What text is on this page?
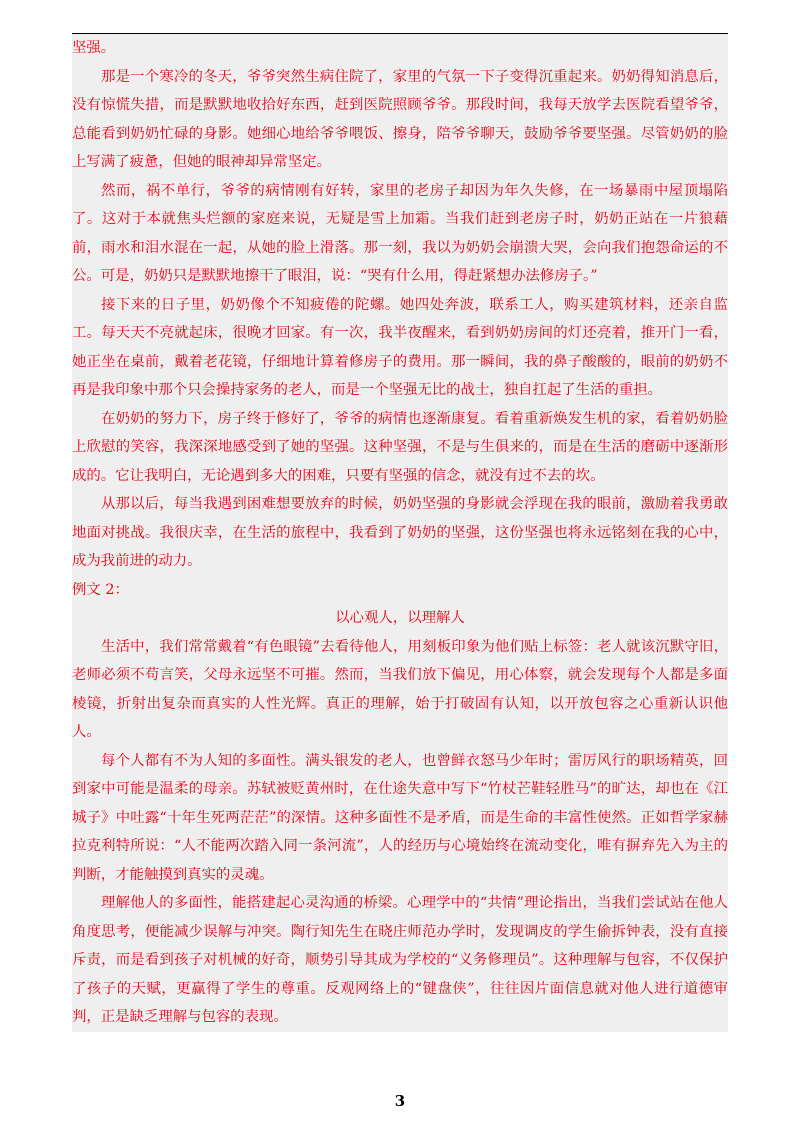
坚强。

那是一个寒冷的冬天，爷爷突然生病住院了，家里的气氛一下子变得沉重起来。奶奶得知消息后，没有惊慌失措，而是默默地收拾好东西，赶到医院照顾爷爷。那段时间，我每天放学去医院看望爷爷，总能看到奶奶忙碌的身影。她细心地给爷爷喂饭、擦身，陪爷爷聊天，鼓励爷爷要坚强。尽管奶奶的脸上写满了疲惫，但她的眼神却异常坚定。

然而，祸不单行，爷爷的病情刚有好转，家里的老房子却因为年久失修，在一场暴雨中屋顶塌陷了。这对于本就焦头烂额的家庭来说，无疑是雪上加霜。当我们赶到老房子时，奶奶正站在一片狼藉前，雨水和泪水混在一起，从她的脸上滑落。那一刻，我以为奶奶会崩溃大哭，会向我们抱怨命运的不公。可是，奶奶只是默默地擦干了眼泪，说：“哭有什么用，得赶紧想办法修房子。”

接下来的日子里，奶奶像个不知疲倦的陀螺。她四处奔波，联系工人，购买建筑材料，还亲自监工。每天天不亮就起床，很晚才回家。有一次，我半夜醒来，看到奶奶房间的灯还亮着，推开门一看，她正坐在桌前，戴着老花镜，仔细地计算着修房子的费用。那一瞬间，我的鼻子酸酸的，眼前的奶奶不再是我印象中那个只会操持家务的老人，而是一个坚强无比的战士，独自扛起了生活的重担。

在奶奶的努力下，房子终于修好了，爷爷的病情也逐渐康复。看着重新焕发生机的家，看着奶奶脸上欣慰的笑容，我深深地感受到了她的坚强。这种坚强，不是与生俱来的，而是在生活的磨砺中逐渐形成的。它让我明白，无论遇到多大的困难，只要有坚强的信念，就没有过不去的坎。

从那以后，每当我遇到困难想要放弃的时候，奶奶坚强的身影就会浮现在我的眼前，激励着我勇敢地面对挑战。我很庆幸，在生活的旅程中，我看到了奶奶的坚强，这份坚强也将永远铭刻在我的心中，成为我前进的动力。

例文 2：

以心观人，以理解人

生活中，我们常常戴着“有色眼镜”去看待他人，用刻板印象为他们贴上标签：老人就该沉默守旧，老师必须不苟言笑，父母永远坚不可摧。然而，当我们放下偏见，用心体察，就会发现每个人都是多面棱镜，折射出复杂而真实的人性光辉。真正的理解，始于打破固有认知，以开放包容之心重新认识他人。

每个人都有不为人知的多面性。满头银发的老人，也曾鲜衣怒马少年时；雷厉风行的职场精英，回到家中可能是温柔的母亲。苏轼被贬黄州时，在仕途失意中写下“竹杖芒鞋轻胜马”的旷达，却也在《江城子》中吐露“十年生死两茫茫”的深情。这种多面性不是矛盾，而是生命的丰富性使然。正如哲学家赫拉克利特所说：“人不能两次踏入同一条河流”，人的经历与心境始终在流动变化，唯有摒弃先入为主的判断，才能触摸到真实的灵魂。

理解他人的多面性，能搭建起心灵沟通的桥梁。心理学中的“共情”理论指出，当我们尝试站在他人角度思考，便能减少误解与冲突。陶行知先生在晓庄师范办学时，发现调皮的学生偷拆钟表，没有直接斥责，而是看到孩子对机械的好奇，顺势引导其成为学校的“义务修理员”。这种理解与包容，不仅保护了孩子的天赋，更赢得了学生的尊重。反观网络上的“键盘侠”，往往因片面信息就对他人进行道德审判，正是缺乏理解与包容的表现。

3
